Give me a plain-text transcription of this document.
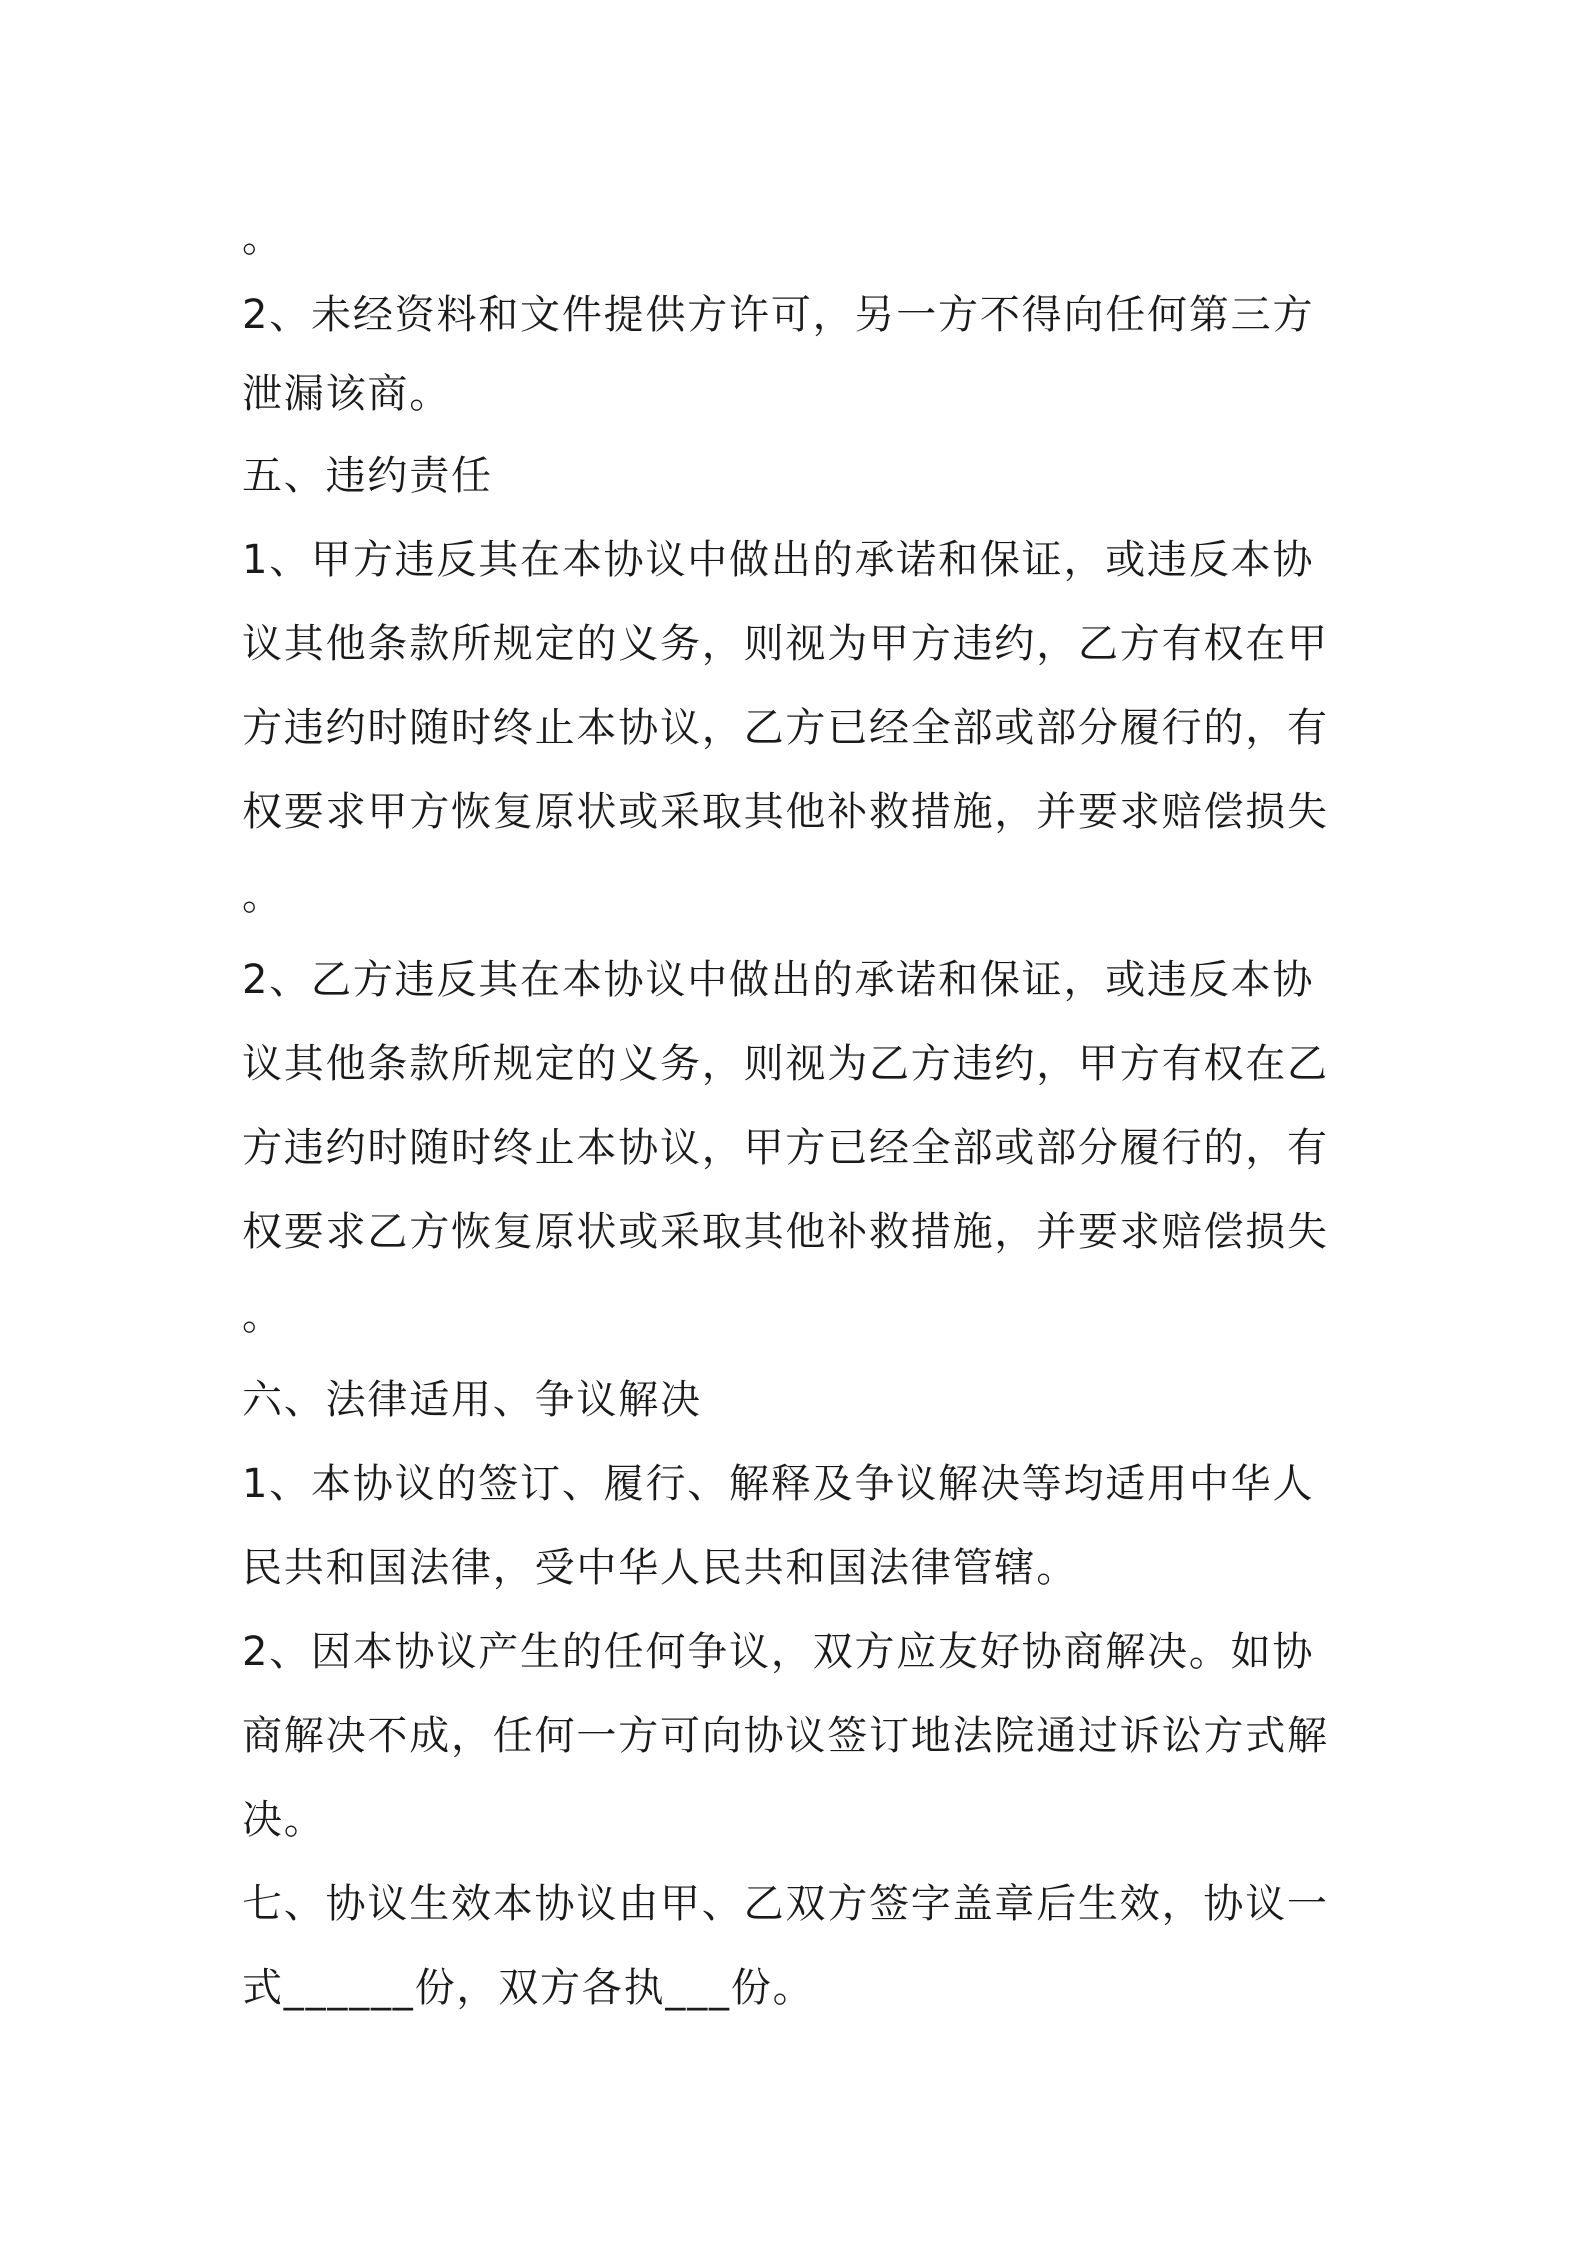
。
2、未经资料和文件提供方许可，另一方不得向任何第三方
泄漏该商。
五、违约责任
1、甲方违反其在本协议中做出的承诺和保证，或违反本协
议其他条款所规定的义务，则视为甲方违约，乙方有权在甲
方违约时随时终止本协议，乙方已经全部或部分履行的，有
权要求甲方恢复原状或采取其他补救措施，并要求赔偿损失
。
2、乙方违反其在本协议中做出的承诺和保证，或违反本协
议其他条款所规定的义务，则视为乙方违约，甲方有权在乙
方违约时随时终止本协议，甲方已经全部或部分履行的，有
权要求乙方恢复原状或采取其他补救措施，并要求赔偿损失
。
六、法律适用、争议解决
1、本协议的签订、履行、解释及争议解决等均适用中华人
民共和国法律，受中华人民共和国法律管辖。
2、因本协议产生的任何争议，双方应友好协商解决。如协
商解决不成，任何一方可向协议签订地法院通过诉讼方式解
决。
七、协议生效本协议由甲、乙双方签字盖章后生效，协议一
式______份，双方各执___份。
